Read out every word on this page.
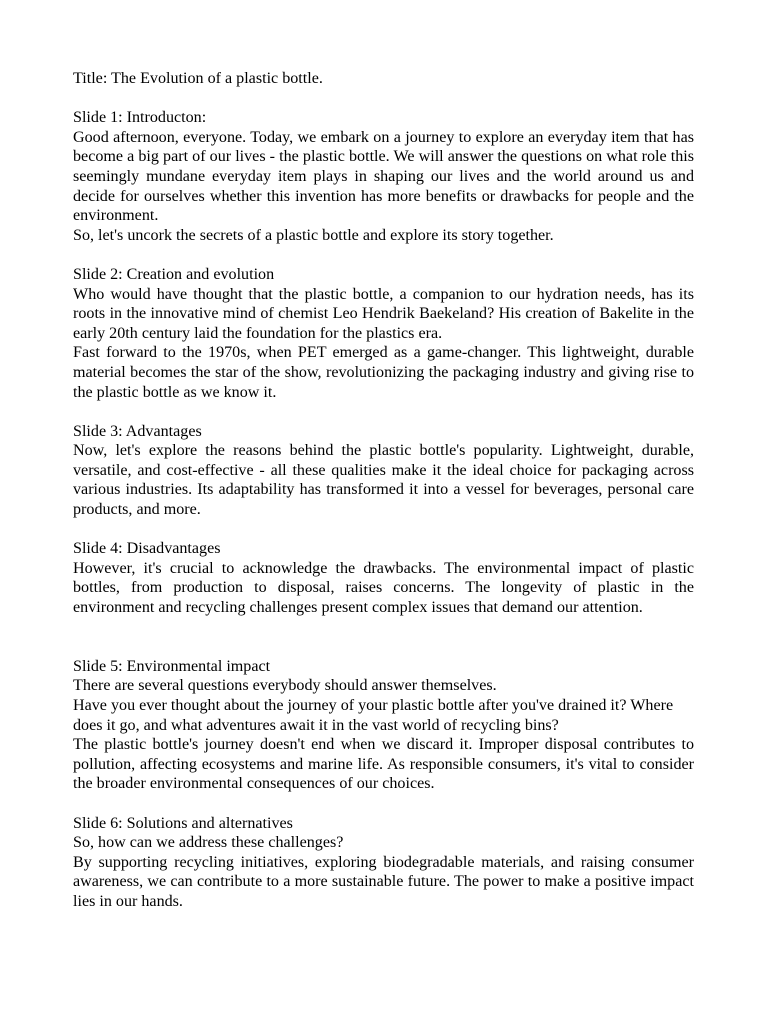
Title: The Evolution of a plastic bottle.

Slide 1: Introducton:

Good afternoon, everyone. Today, we embark on a journey to explore an everyday item that has become a big part of our lives - the plastic bottle. We will answer the questions on what role this seemingly mundane everyday item plays in shaping our lives and the world around us and decide for ourselves whether this invention has more benefits or drawbacks for people and the environment.

So, let's uncork the secrets of a plastic bottle and explore its story together.

Slide 2: Creation and evolution

Who would have thought that the plastic bottle, a companion to our hydration needs, has its roots in the innovative mind of chemist Leo Hendrik Baekeland? His creation of Bakelite in the early 20th century laid the foundation for the plastics era.

Fast forward to the 1970s, when PET emerged as a game-changer. This lightweight, durable material becomes the star of the show, revolutionizing the packaging industry and giving rise to the plastic bottle as we know it.

Slide 3: Advantages

Now, let's explore the reasons behind the plastic bottle's popularity. Lightweight, durable, versatile, and cost-effective - all these qualities make it the ideal choice for packaging across various industries. Its adaptability has transformed it into a vessel for beverages, personal care products, and more.

Slide 4: Disadvantages

However, it's crucial to acknowledge the drawbacks. The environmental impact of plastic bottles, from production to disposal, raises concerns. The longevity of plastic in the environment and recycling challenges present complex issues that demand our attention.

Slide 5: Environmental impact

There are several questions everybody should answer themselves.

Have you ever thought about the journey of your plastic bottle after you've drained it? Where does it go, and what adventures await it in the vast world of recycling bins?

The plastic bottle's journey doesn't end when we discard it. Improper disposal contributes to pollution, affecting ecosystems and marine life. As responsible consumers, it's vital to consider the broader environmental consequences of our choices.

Slide 6: Solutions and alternatives

So, how can we address these challenges?

By supporting recycling initiatives, exploring biodegradable materials, and raising consumer awareness, we can contribute to a more sustainable future. The power to make a positive impact lies in our hands.
